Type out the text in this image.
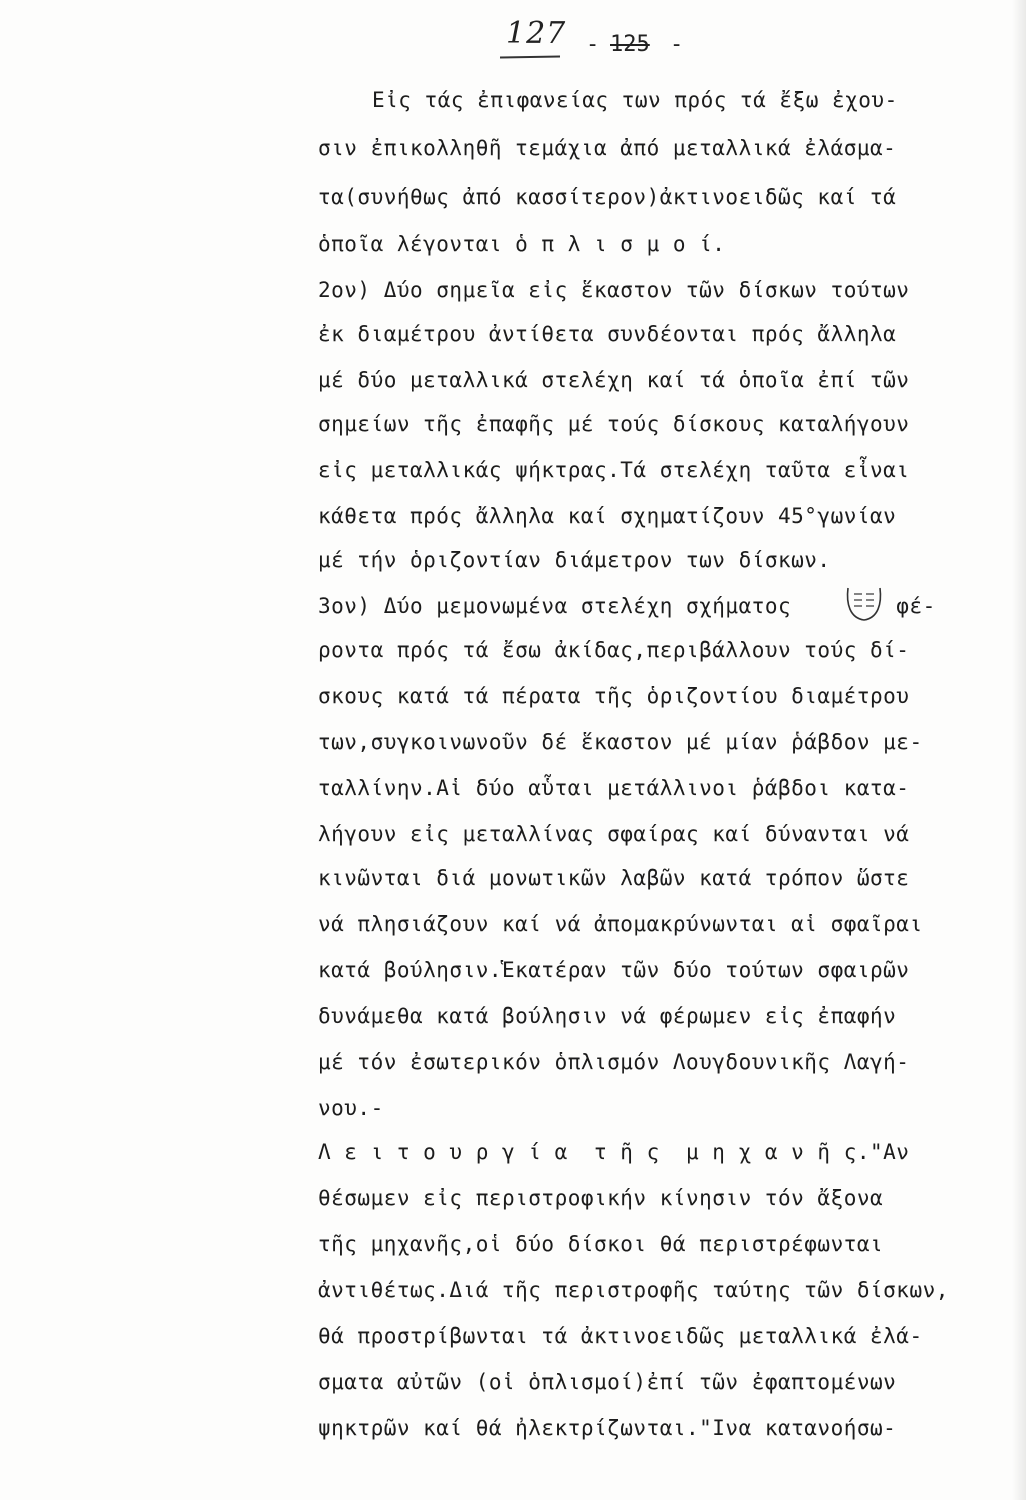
127 - 125 -
Εἰς τάς ἐπιφανείας των πρός τά ἔξω ἐχου-
σιν ἐπικολληθῆ τεμάχια ἀπό μεταλλικά ἐλάσμα-
τα(συνήθως ἀπό κασσίτερον)ἀκτινοειδῶς καί τά
ὁποῖα λέγονται ὁ π λ ι σ μ ο ί.
2ον) Δύο σημεῖα εἰς ἕκαστον τῶν δίσκων τούτων
ἐκ διαμέτρου ἀντίθετα συνδέονται πρός ἄλληλα
μέ δύο μεταλλικά στελέχη καί τά ὁποῖα ἐπί τῶν
σημείων τῆς ἐπαφῆς μέ τούς δίσκους καταλήγουν
εἰς μεταλλικάς ψήκτρας.Τά στελέχη ταῦτα εἶναι
κάθετα πρός ἄλληλα καί σχηματίζουν 45°γωνίαν
μέ τήν ὁριζοντίαν διάμετρον των δίσκων.
3ον) Δύο μεμονωμένα στελέχη σχήματος        φέ-
ροντα πρός τά ἔσω ἀκίδας,περιβάλλουν τούς δί-
σκους κατά τά πέρατα τῆς ὁριζοντίου διαμέτρου
των,συγκοινωνοῦν δέ ἕκαστον μέ μίαν ῥάβδον με-
ταλλίνην.Αἱ δύο αὗται μετάλλινοι ῥάβδοι κατα-
λήγουν εἰς μεταλλίνας σφαίρας καί δύνανται νά
κινῶνται διά μονωτικῶν λαβῶν κατά τρόπον ὥστε
νά πλησιάζουν καί νά ἀπομακρύνωνται αἱ σφαῖραι
κατά βούλησιν.Ἑκατέραν τῶν δύο τούτων σφαιρῶν
δυνάμεθα κατά βούλησιν νά φέρωμεν εἰς ἐπαφήν
μέ τόν ἐσωτερικόν ὁπλισμόν Λουγδουνικῆς Λαγή-
νου.-
Λ ε ι τ ο υ ρ γ ί α  τ ῆ ς  μ η χ α ν ῆ ς."Αν
θέσωμεν εἰς περιστροφικήν κίνησιν τόν ἄξονα
τῆς μηχανῆς,οἱ δύο δίσκοι θά περιστρέφωνται
ἀντιθέτως.Διά τῆς περιστροφῆς ταύτης τῶν δίσκων,
θά προστρίβωνται τά ἀκτινοειδῶς μεταλλικά ἐλά-
σματα αὐτῶν (οἱ ὁπλισμοί)ἐπί τῶν ἐφαπτομένων
ψηκτρῶν καί θά ἠλεκτρίζωνται."Ινα κατανοήσω-
